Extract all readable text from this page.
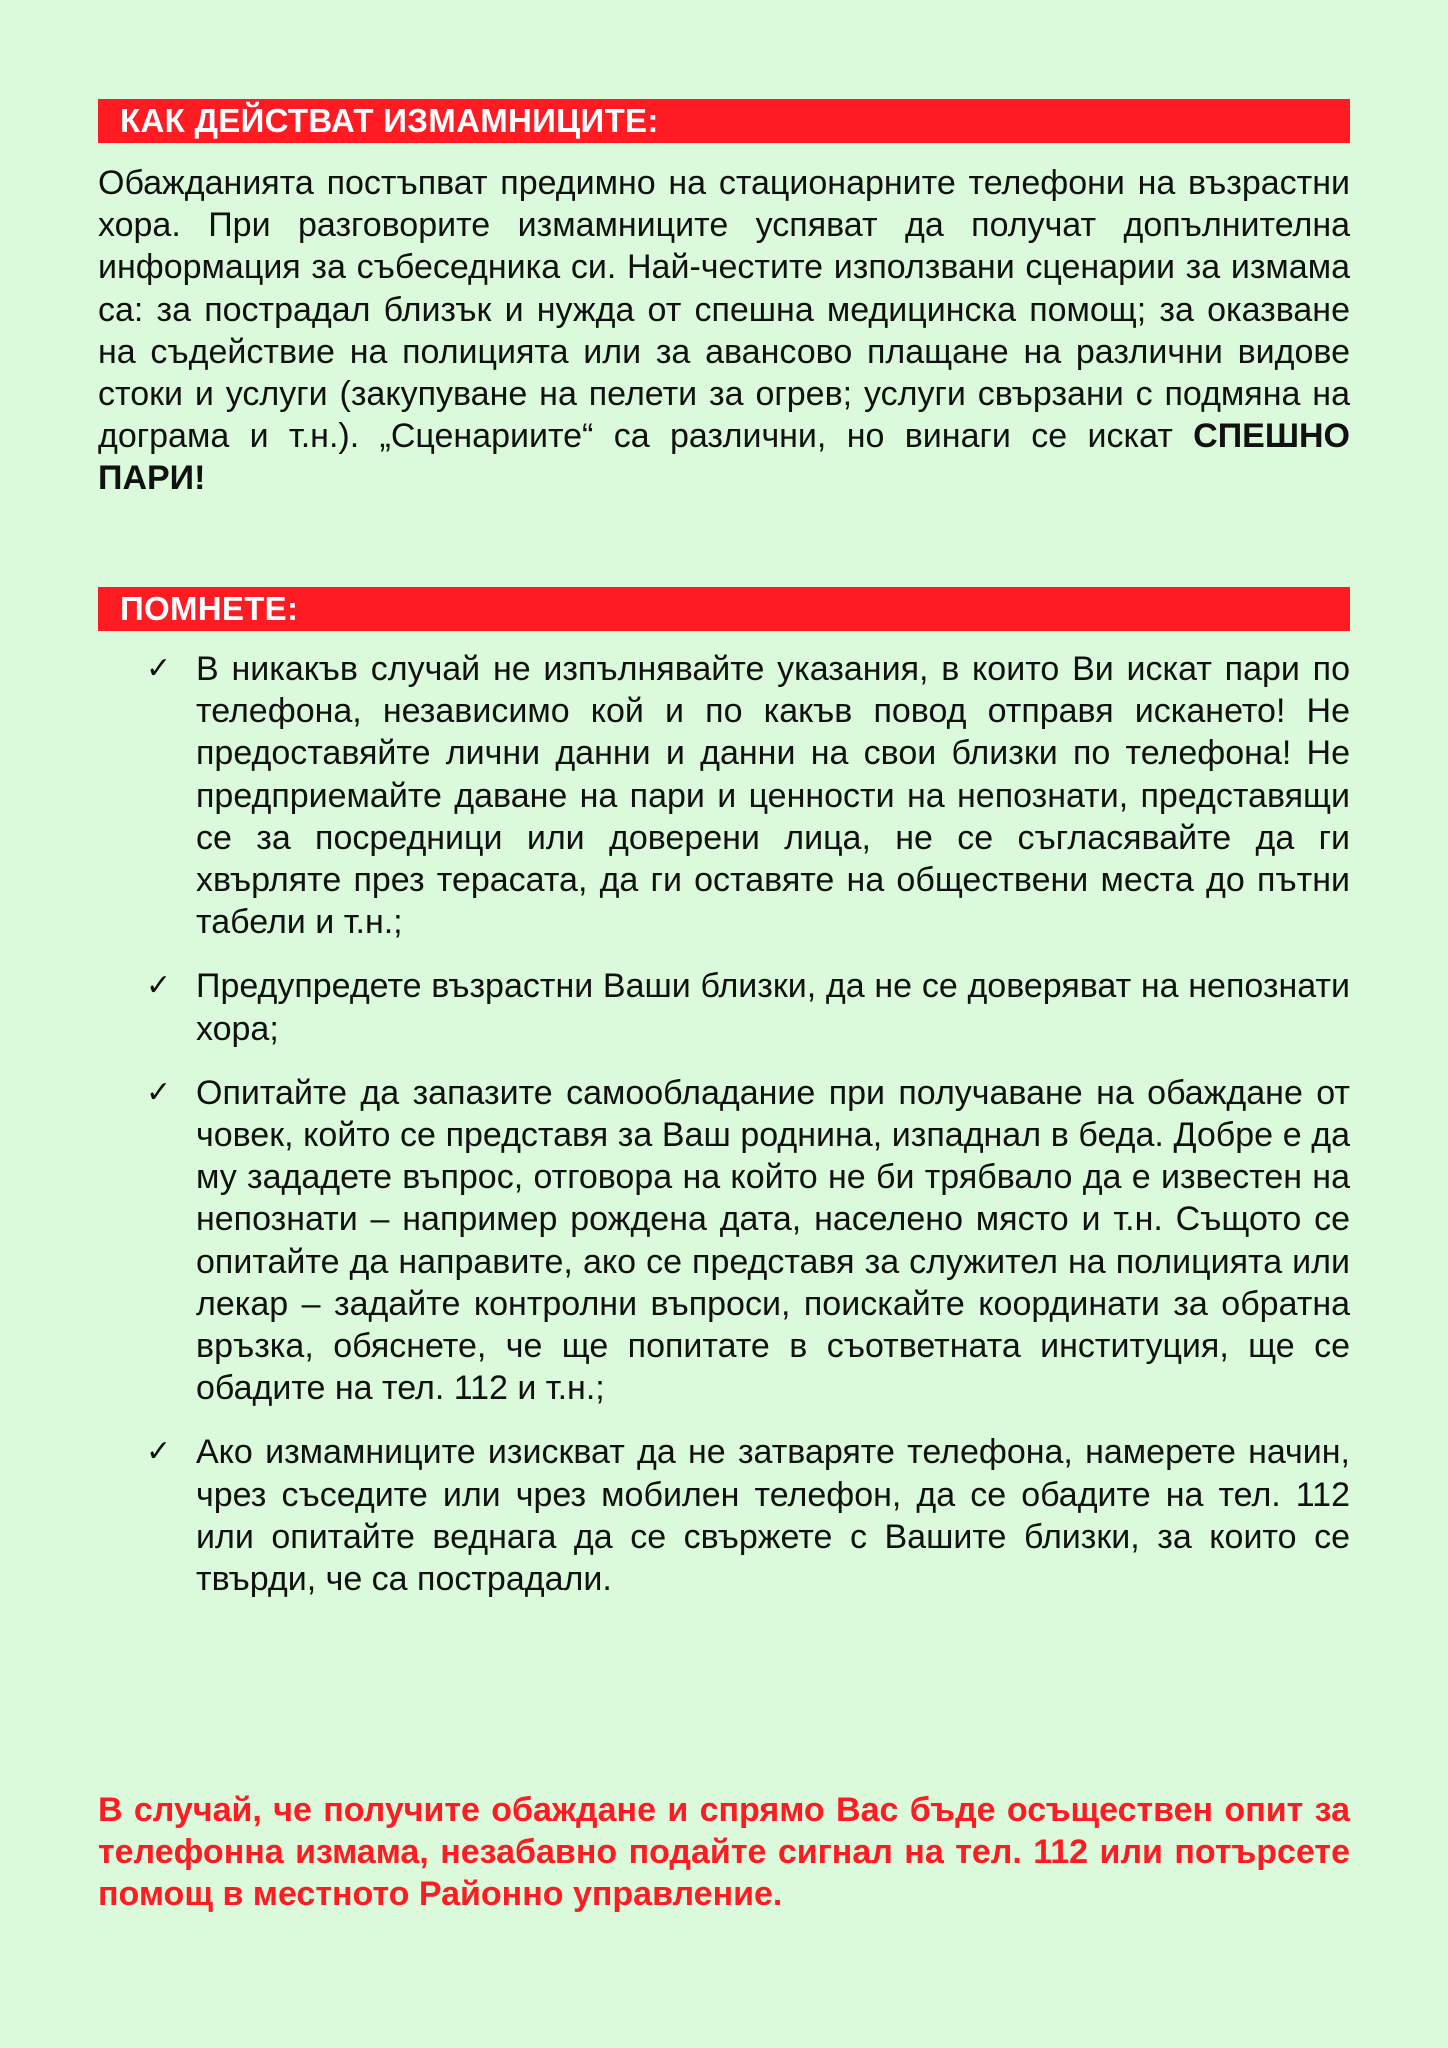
КАК ДЕЙСТВАТ ИЗМАМНИЦИТЕ:
Обажданията постъпват предимно на стационарните телефони на възрастни хора. При разговорите измамниците успяват да получат допълнителна информация за събеседника си. Най-честите използвани сценарии за измама са: за пострадал близък и нужда от спешна медицинска помощ; за оказване на съдействие на полицията или за авансово плащане на различни видове стоки и услуги (закупуване на пелети за огрев; услуги свързани с подмяна на дограма и т.н.). „Сценариите“ са различни, но винаги се искат СПЕШНО ПАРИ!
ПОМНЕТЕ:
✓ В никакъв случай не изпълнявайте указания, в които Ви искат пари по телефона, независимо кой и по какъв повод отправя искането! Не предоставяйте лични данни и данни на свои близки по телефона! Не предприемайте даване на пари и ценности на непознати, представящи се за посредници или доверени лица, не се съгласявайте да ги хвърляте през терасата, да ги оставяте на обществени места до пътни табели и т.н.;
✓ Предупредете възрастни Ваши близки, да не се доверяват на непознати хора;
✓ Опитайте да запазите самообладание при получаване на обаждане от човек, който се представя за Ваш роднина, изпаднал в беда. Добре е да му зададете въпрос, отговора на който не би трябвало да е известен на непознати – например рождена дата, населено място и т.н. Същото се опитайте да направите, ако се представя за служител на полицията или лекар – задайте контролни въпроси, поискайте координати за обратна връзка, обяснете, че ще попитате в съответната институция, ще се обадите на тел. 112 и т.н.;
✓ Ако измамниците изискват да не затваряте телефона, намерете начин, чрез съседите или чрез мобилен телефон, да се обадите на тел. 112 или опитайте веднага да се свържете с Вашите близки, за които се твърди, че са пострадали.
В случай, че получите обаждане и спрямо Вас бъде осъществен опит за телефонна измама, незабавно подайте сигнал на тел. 112 или потърсете помощ в местното Районно управление.
